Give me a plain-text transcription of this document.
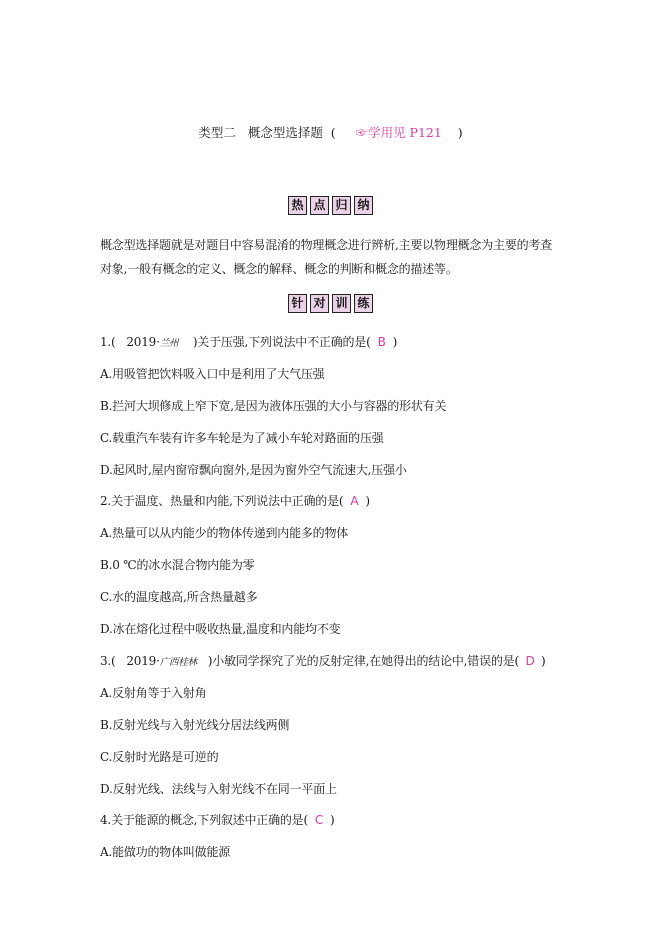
类型二 概念型选择题 ( ☞学用见 P121 )
热 点 归 纳
概念型选择题就是对题目中容易混淆的物理概念进行辨析,主要以物理概念为主要的考查对象,一般有概念的定义、概念的解释、概念的判断和概念的描述等。
针 对 训 练
1.( 2019·兰州 )关于压强,下列说法中不正确的是( B )
A.用吸管把饮料吸入口中是利用了大气压强
B.拦河大坝修成上窄下宽,是因为液体压强的大小与容器的形状有关
C.载重汽车装有许多车轮是为了减小车轮对路面的压强
D.起风时,屋内窗帘飘向窗外,是因为窗外空气流速大,压强小
2.关于温度、热量和内能,下列说法中正确的是( A )
A.热量可以从内能少的物体传递到内能多的物体
B.0 ℃的冰水混合物内能为零
C.水的温度越高,所含热量越多
D.冰在熔化过程中吸收热量,温度和内能均不变
3.( 2019·广西桂林 )小敏同学探究了光的反射定律,在她得出的结论中,错误的是( D )
A.反射角等于入射角
B.反射光线与入射光线分居法线两侧
C.反射时光路是可逆的
D.反射光线、法线与入射光线不在同一平面上
4.关于能源的概念,下列叙述中正确的是( C )
A.能做功的物体叫做能源
